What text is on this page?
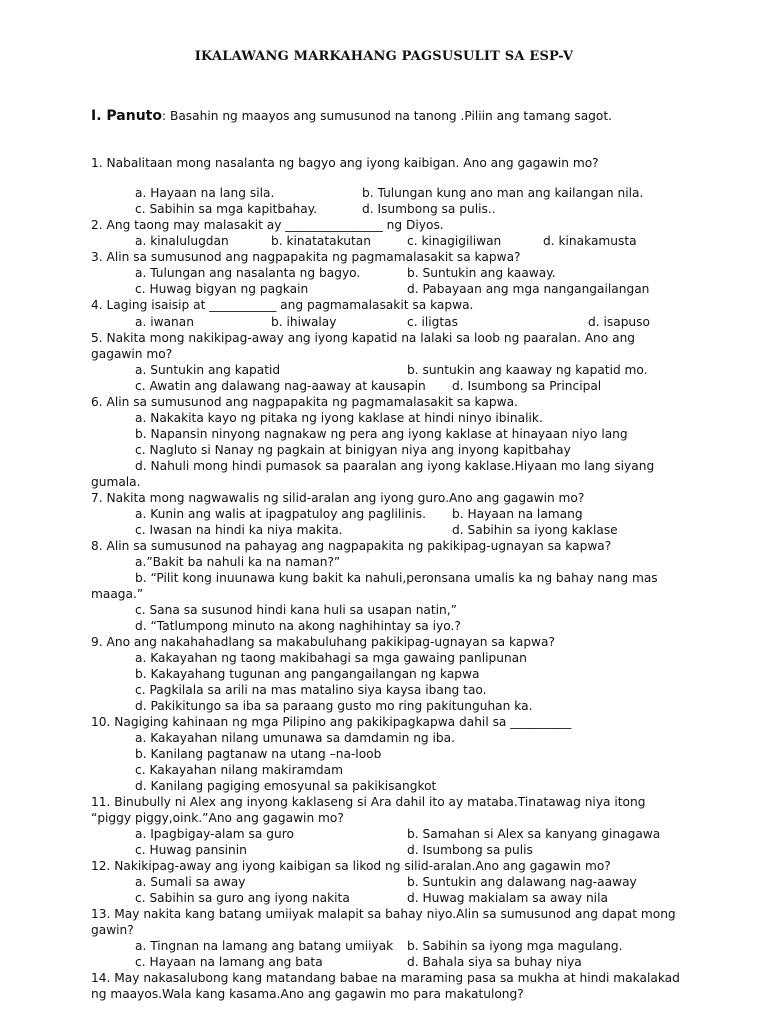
IKALAWANG MARKAHANG PAGSUSULIT SA ESP-V
I. Panuto: Basahin ng maayos ang sumusunod na tanong .Piliin ang tamang sagot.
1. Nabalitaan mong nasalanta ng bagyo ang iyong kaibigan. Ano ang gagawin mo?
a. Hayaan na lang sila.	b. Tulungan kung ano man ang kailangan nila.
c. Sabihin sa mga kapitbahay.	d. Isumbong sa pulis..
2. Ang taong may malasakit ay ________________ ng Diyos.
a. kinalulugdan	b. kinatatakutan	c. kinagigiliwan	d. kinakamusta
3. Alin sa sumusunod ang nagpapakita ng pagmamalasakit sa kapwa?
a. Tulungan ang nasalanta ng bagyo.	b. Suntukin ang kaaway.
c. Huwag bigyan ng pagkain	d. Pabayaan ang mga nangangailangan
4. Laging isaisip at ___________ ang pagmamalasakit sa kapwa.
a. iwanan	b. ihiwalay	c. iligtas	d. isapuso
5. Nakita mong nakikipag-away ang iyong kapatid na lalaki sa loob ng paaralan. Ano ang gagawin mo?
a. Suntukin ang kapatid	b. suntukin ang kaaway ng kapatid mo.
c. Awatin ang dalawang nag-aaway at kausapin d. Isumbong sa Principal
6. Alin sa sumusunod ang nagpapakita ng pagmamalasakit sa kapwa.
a. Nakakita kayo ng pitaka ng iyong kaklase at hindi ninyo ibinalik.
b. Napansin ninyong nagnakaw ng pera ang iyong kaklase at hinayaan niyo lang
c. Nagluto si Nanay ng pagkain at binigyan niya ang inyong kapitbahay
d. Nahuli mong hindi pumasok sa paaralan ang iyong kaklase.Hiyaan mo lang siyang
gumala.
7. Nakita mong nagwawalis ng silid-aralan ang iyong guro.Ano ang gagawin mo?
a. Kunin ang walis at ipagpatuloy ang paglilinis. b. Hayaan na lamang
c. Iwasan na hindi ka niya makita.	d. Sabihin sa iyong kaklase
8. Alin sa sumusunod na pahayag ang nagpapakita ng pakikipag-ugnayan sa kapwa?
a.”Bakit ba nahuli ka na naman?”
b. “Pilit kong inuunawa kung bakit ka nahuli,peronsana umalis ka ng bahay nang mas
maaga.”
c. Sana sa susunod hindi kana huli sa usapan natin,”
d. “Tatlumpong minuto na akong naghihintay sa iyo.?
9. Ano ang nakahahadlang sa makabuluhang pakikipag-ugnayan sa kapwa?
a. Kakayahan ng taong makibahagi sa mga gawaing panlipunan
b. Kakayahang tugunan ang pangangailangan ng kapwa
c. Pagkilala sa arili na mas matalino siya kaysa ibang tao.
d. Pakikitungo sa iba sa paraang gusto mo ring pakitunguhan ka.
10. Nagiging kahinaan ng mga Pilipino ang pakikipagkapwa dahil sa __________
a. Kakayahan nilang umunawa sa damdamin ng iba.
b. Kanilang pagtanaw na utang –na-loob
c. Kakayahan nilang makiramdam
d. Kanilang pagiging emosyunal sa pakikisangkot
11. Binubully ni Alex ang inyong kaklaseng si Ara dahil ito ay mataba.Tinatawag niya itong
“piggy piggy,oink.”Ano ang gagawin mo?
a. Ipagbigay-alam sa guro	b. Samahan si Alex sa kanyang ginagawa
c. Huwag pansinin	d. Isumbong sa pulis
12. Nakikipag-away ang iyong kaibigan sa likod ng silid-aralan.Ano ang gagawin mo?
a. Sumali sa away	b. Suntukin ang dalawang nag-aaway
c. Sabihin sa guro ang iyong nakita	d. Huwag makialam sa away nila
13. May nakita kang batang umiiyak malapit sa bahay niyo.Alin sa sumusunod ang dapat mong
gawin?
a. Tingnan na lamang ang batang umiiyak b. Sabihin sa iyong mga magulang.
c. Hayaan na lamang ang bata	d. Bahala siya sa buhay niya
14. May nakasalubong kang matandang babae na maraming pasa sa mukha at hindi makalakad
ng maayos.Wala kang kasama.Ano ang gagawin mo para makatulong?
